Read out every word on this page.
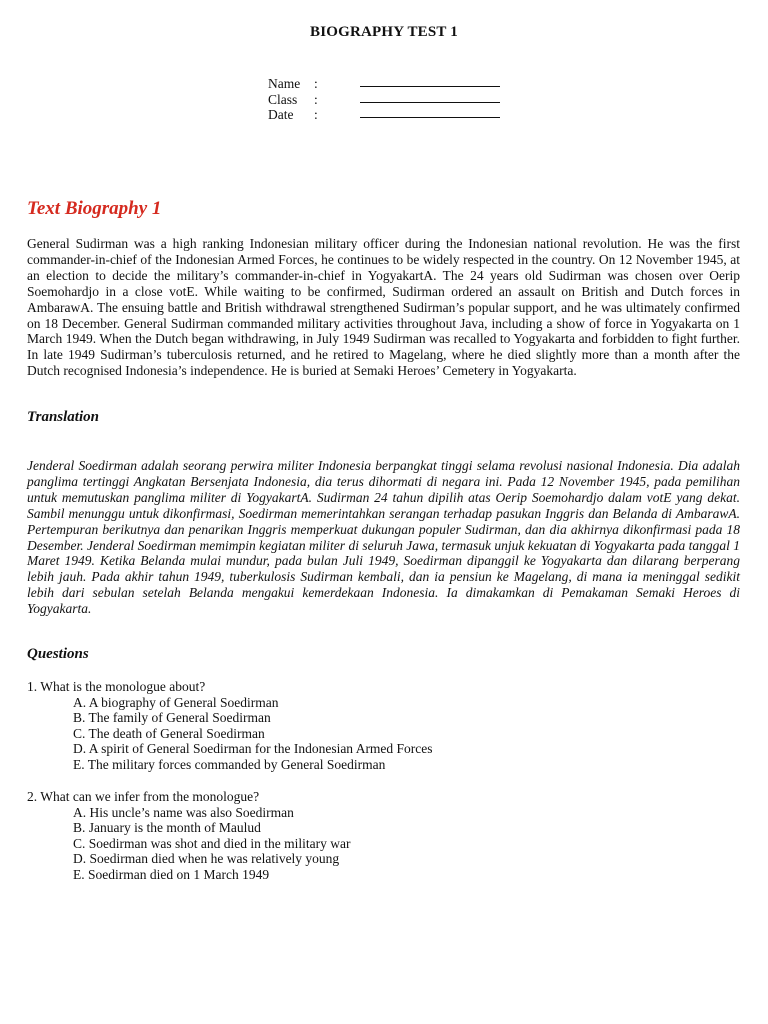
BIOGRAPHY TEST 1
Name	:
Class	:
Date	:
Text Biography 1
General Sudirman was a high ranking Indonesian military officer during the Indonesian national revolution. He was the first commander-in-chief of the Indonesian Armed Forces, he continues to be widely respected in the country. On 12 November 1945, at an election to decide the military’s commander-in-chief in YogyakartA. The 24 years old Sudirman was chosen over Oerip Soemohardjo in a close votE. While waiting to be confirmed, Sudirman ordered an assault on British and Dutch forces in AmbarawA. The ensuing battle and British withdrawal strengthened Sudirman’s popular support, and he was ultimately confirmed on 18 December. General Sudirman commanded military activities throughout Java, including a show of force in Yogyakarta on 1 March 1949. When the Dutch began withdrawing, in July 1949 Sudirman was recalled to Yogyakarta and forbidden to fight further. In late 1949 Sudirman’s tuberculosis returned, and he retired to Magelang, where he died slightly more than a month after the Dutch recognised Indonesia’s independence. He is buried at Semaki Heroes’ Cemetery in Yogyakarta.
Translation
Jenderal Soedirman adalah seorang perwira militer Indonesia berpangkat tinggi selama revolusi nasional Indonesia. Dia adalah panglima tertinggi Angkatan Bersenjata Indonesia, dia terus dihormati di negara ini. Pada 12 November 1945, pada pemilihan untuk memutuskan panglima militer di YogyakartA. Sudirman 24 tahun dipilih atas Oerip Soemohardjo dalam votE yang dekat. Sambil menunggu untuk dikonfirmasi, Soedirman memerintahkan serangan terhadap pasukan Inggris dan Belanda di AmbarawA. Pertempuran berikutnya dan penarikan Inggris memperkuat dukungan populer Sudirman, dan dia akhirnya dikonfirmasi pada 18 Desember. Jenderal Soedirman memimpin kegiatan militer di seluruh Jawa, termasuk unjuk kekuatan di Yogyakarta pada tanggal 1 Maret 1949. Ketika Belanda mulai mundur, pada bulan Juli 1949, Soedirman dipanggil ke Yogyakarta dan dilarang berperang lebih jauh. Pada akhir tahun 1949, tuberkulosis Sudirman kembali, dan ia pensiun ke Magelang, di mana ia meninggal sedikit lebih dari sebulan setelah Belanda mengakui kemerdekaan Indonesia. Ia dimakamkan di Pemakaman Semaki Heroes di Yogyakarta.
Questions
1. What is the monologue about?
A. A biography of General Soedirman
B. The family of General Soedirman
C. The death of General Soedirman
D. A spirit of General Soedirman for the Indonesian Armed Forces
E. The military forces commanded by General Soedirman
2. What can we infer from the monologue?
A. His uncle’s name was also Soedirman
B. January is the month of Maulud
C. Soedirman was shot and died in the military war
D. Soedirman died when he was relatively young
E. Soedirman died on 1 March 1949
